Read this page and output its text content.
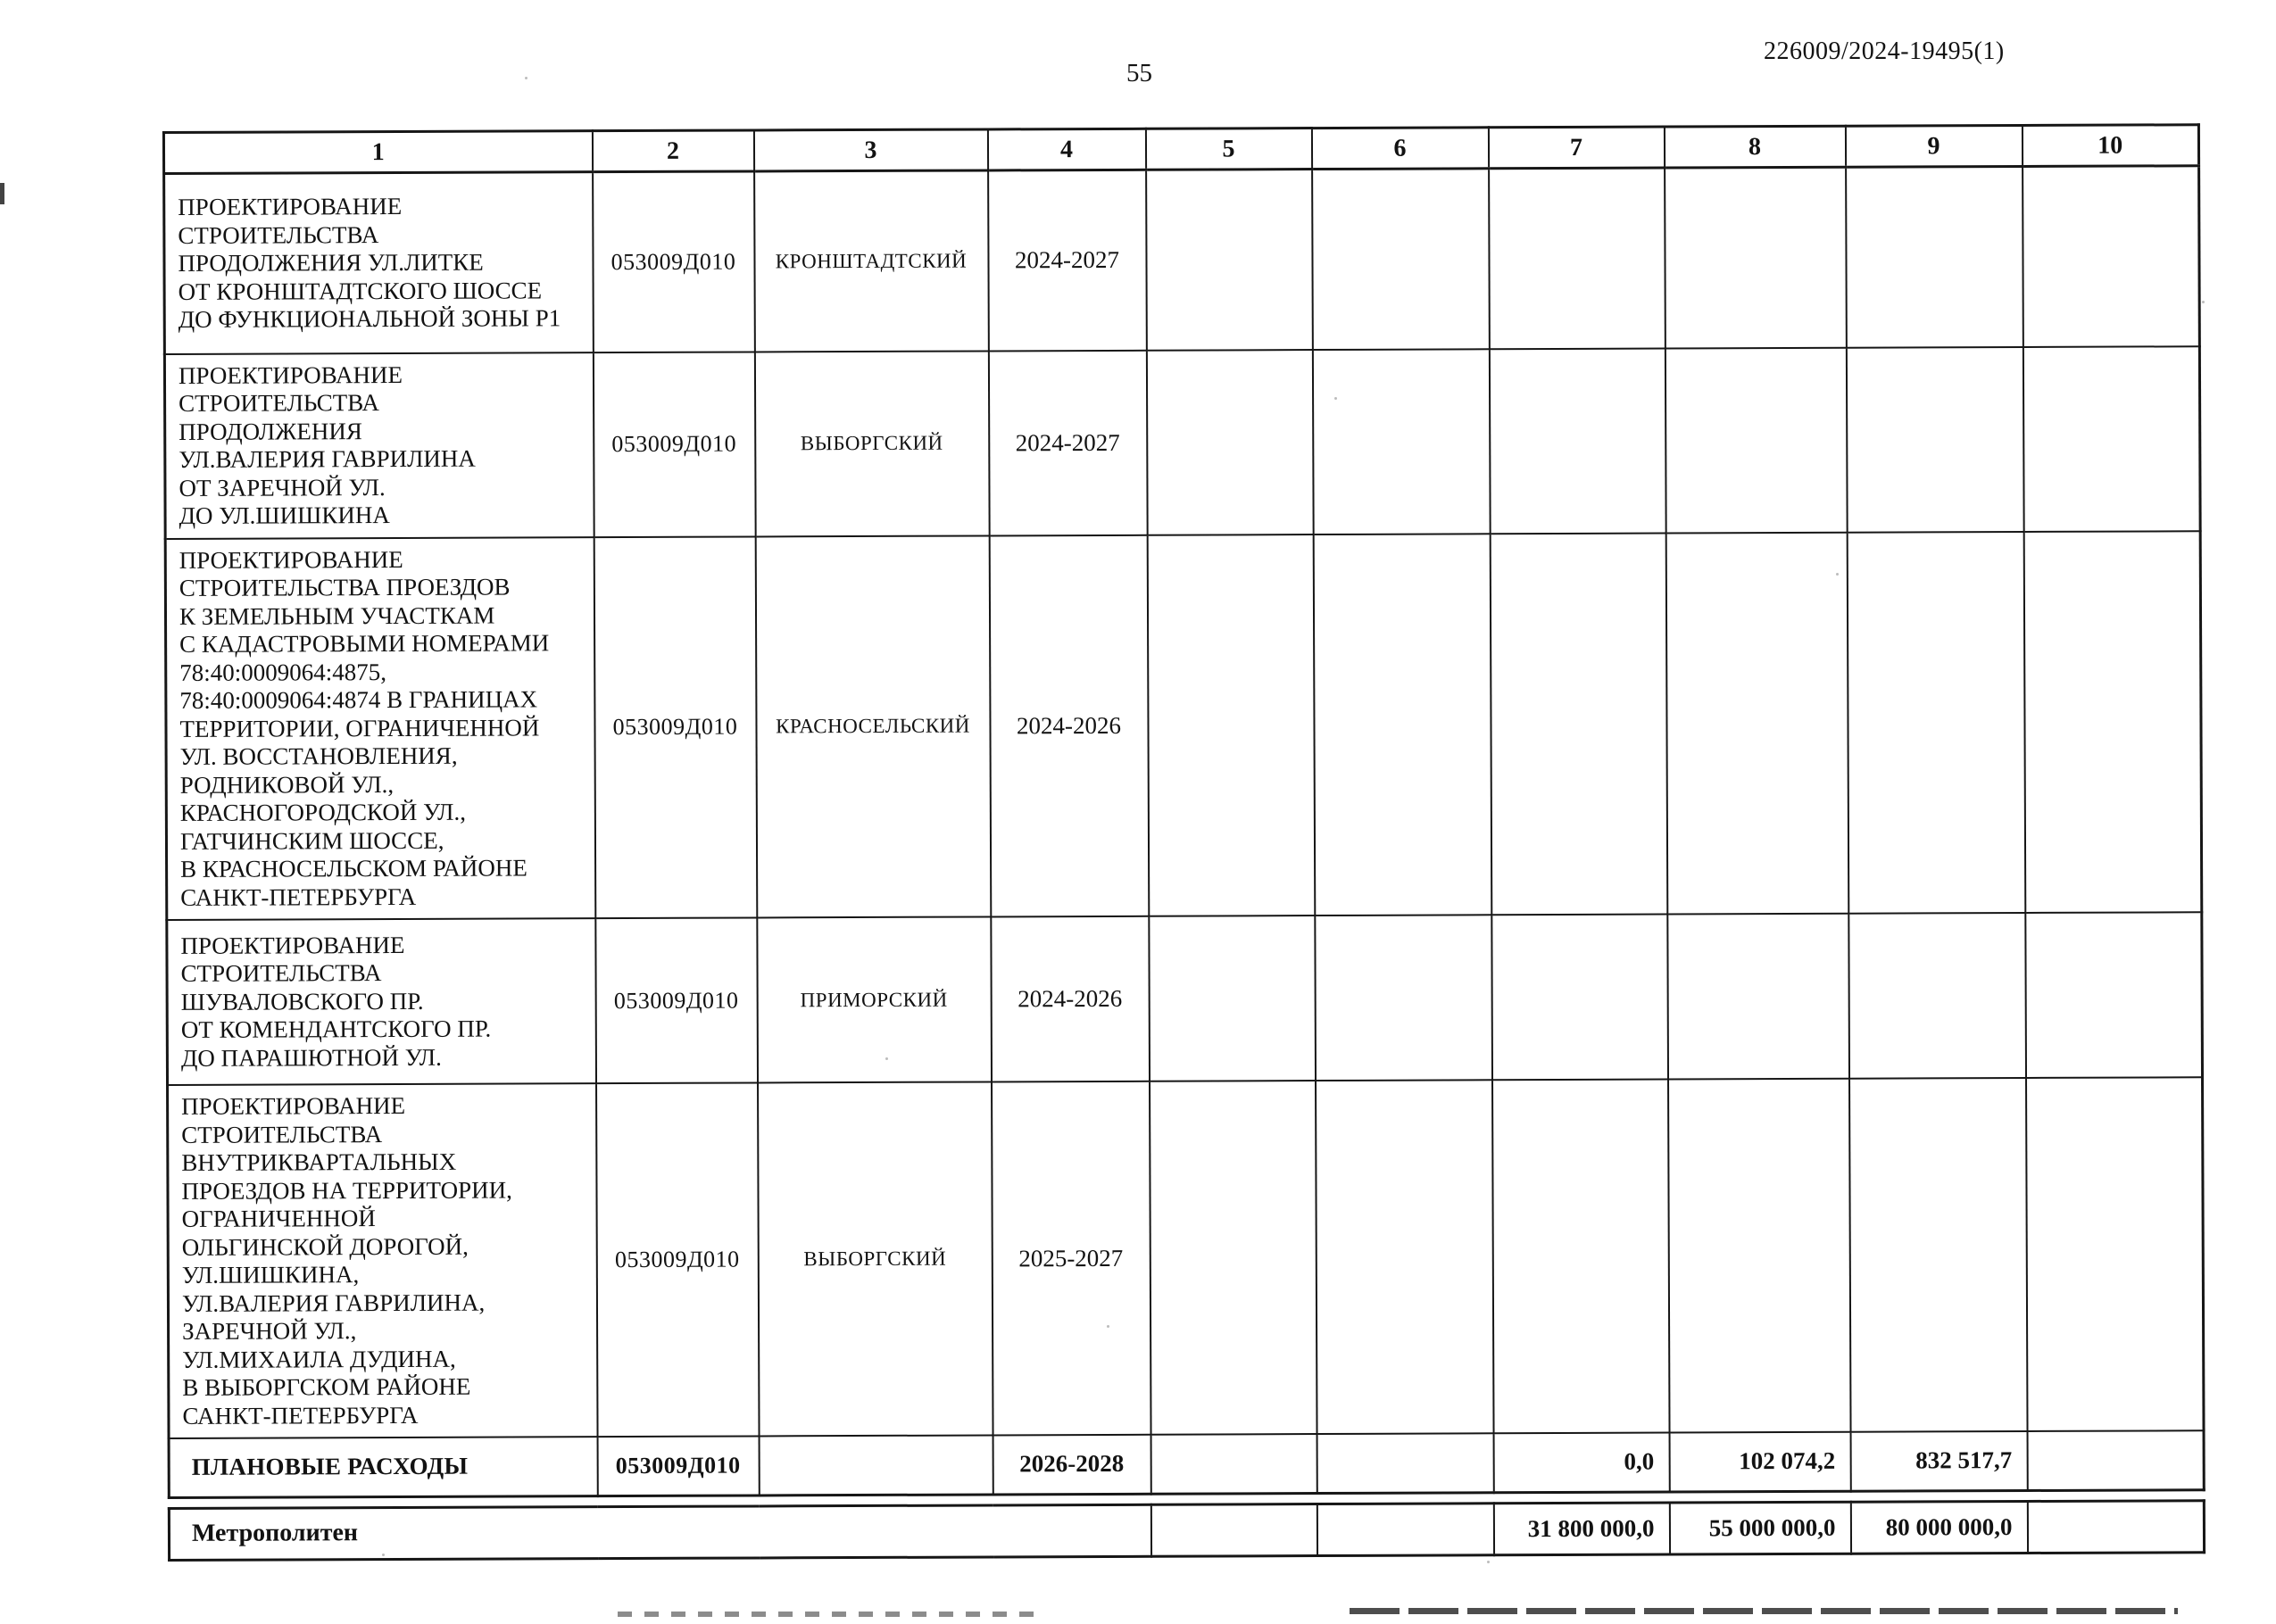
226009/2024-19495(1)
55
1	2	3	4	5	6	7	8	9	10
ПРОЕКТИРОВАНИЕ
СТРОИТЕЛЬСТВА
ПРОДОЛЖЕНИЯ УЛ.ЛИТКЕ
ОТ КРОНШТАДТСКОГО ШОССЕ
ДО ФУНКЦИОНАЛЬНОЙ ЗОНЫ Р1	053009Д010	КРОНШТАДТСКИЙ	2024-2027						
ПРОЕКТИРОВАНИЕ
СТРОИТЕЛЬСТВА
ПРОДОЛЖЕНИЯ
УЛ.ВАЛЕРИЯ ГАВРИЛИНА
ОТ ЗАРЕЧНОЙ УЛ.
ДО УЛ.ШИШКИНА	053009Д010	ВЫБОРГСКИЙ	2024-2027						
ПРОЕКТИРОВАНИЕ
СТРОИТЕЛЬСТВА ПРОЕЗДОВ
К ЗЕМЕЛЬНЫМ УЧАСТКАМ
С КАДАСТРОВЫМИ НОМЕРАМИ
78:40:0009064:4875,
78:40:0009064:4874 В ГРАНИЦАХ
ТЕРРИТОРИИ, ОГРАНИЧЕННОЙ
УЛ. ВОССТАНОВЛЕНИЯ,
РОДНИКОВОЙ УЛ.,
КРАСНОГОРОДСКОЙ УЛ.,
ГАТЧИНСКИМ ШОССЕ,
В КРАСНОСЕЛЬСКОМ РАЙОНЕ
САНКТ-ПЕТЕРБУРГА	053009Д010	КРАСНОСЕЛЬСКИЙ	2024-2026						
ПРОЕКТИРОВАНИЕ
СТРОИТЕЛЬСТВА
ШУВАЛОВСКОГО ПР.
ОТ КОМЕНДАНТСКОГО ПР.
ДО ПАРАШЮТНОЙ УЛ.	053009Д010	ПРИМОРСКИЙ	2024-2026						
ПРОЕКТИРОВАНИЕ
СТРОИТЕЛЬСТВА
ВНУТРИКВАРТАЛЬНЫХ
ПРОЕЗДОВ НА ТЕРРИТОРИИ,
ОГРАНИЧЕННОЙ
ОЛЬГИНСКОЙ ДОРОГОЙ,
УЛ.ШИШКИНА,
УЛ.ВАЛЕРИЯ ГАВРИЛИНА,
ЗАРЕЧНОЙ УЛ.,
УЛ.МИХАИЛА ДУДИНА,
В ВЫБОРГСКОМ РАЙОНЕ
САНКТ-ПЕТЕРБУРГА	053009Д010	ВЫБОРГСКИЙ	2025-2027						
ПЛАНОВЫЕ РАСХОДЫ	053009Д010		2026-2028			0,0	102 074,2	832 517,7	
Метрополитен			31 800 000,0	55 000 000,0	80 000 000,0	
